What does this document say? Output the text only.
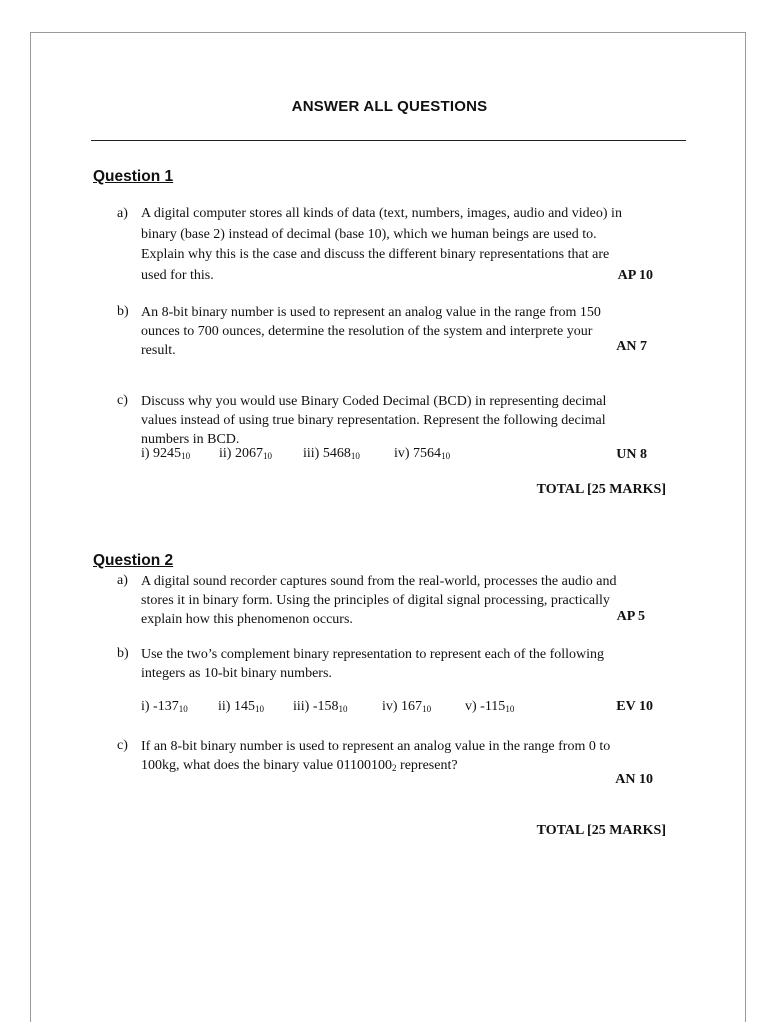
ANSWER ALL QUESTIONS
Question 1
a) A digital computer stores all kinds of data (text, numbers, images, audio and video) in
binary (base 2) instead of decimal (base 10), which we human beings are used to.
Explain why this is the case and discuss the different binary representations that are
used for this.	AP 10
b) An 8-bit binary number is used to represent an analog value in the range from 150
ounces to 700 ounces, determine the resolution of the system and interprete your
result.	AN 7
c) Discuss why you would use Binary Coded Decimal (BCD) in representing decimal
values instead of using true binary representation. Represent the following decimal
numbers in BCD.
i) $9245_{10}$ ii) $2067_{10}$ iii) $5468_{10}$ iv) $7564_{10}$	UN 8
TOTAL [25 MARKS]
Question 2
a) A digital sound recorder captures sound from the real-world, processes the audio and
stores it in binary form. Using the principles of digital signal processing, practically
explain how this phenomenon occurs.	AP 5
b) Use the two’s complement binary representation to represent each of the following
integers as 10-bit binary numbers.
i) $-137_{10}$ ii) $145_{10}$ iii) $-158_{10}$ iv) $167_{10}$ v) $-115_{10}$	EV 10
c) If an 8-bit binary number is used to represent an analog value in the range from 0 to
100kg, what does the binary value $01100100_2$ represent?
AN 10
TOTAL [25 MARKS]
